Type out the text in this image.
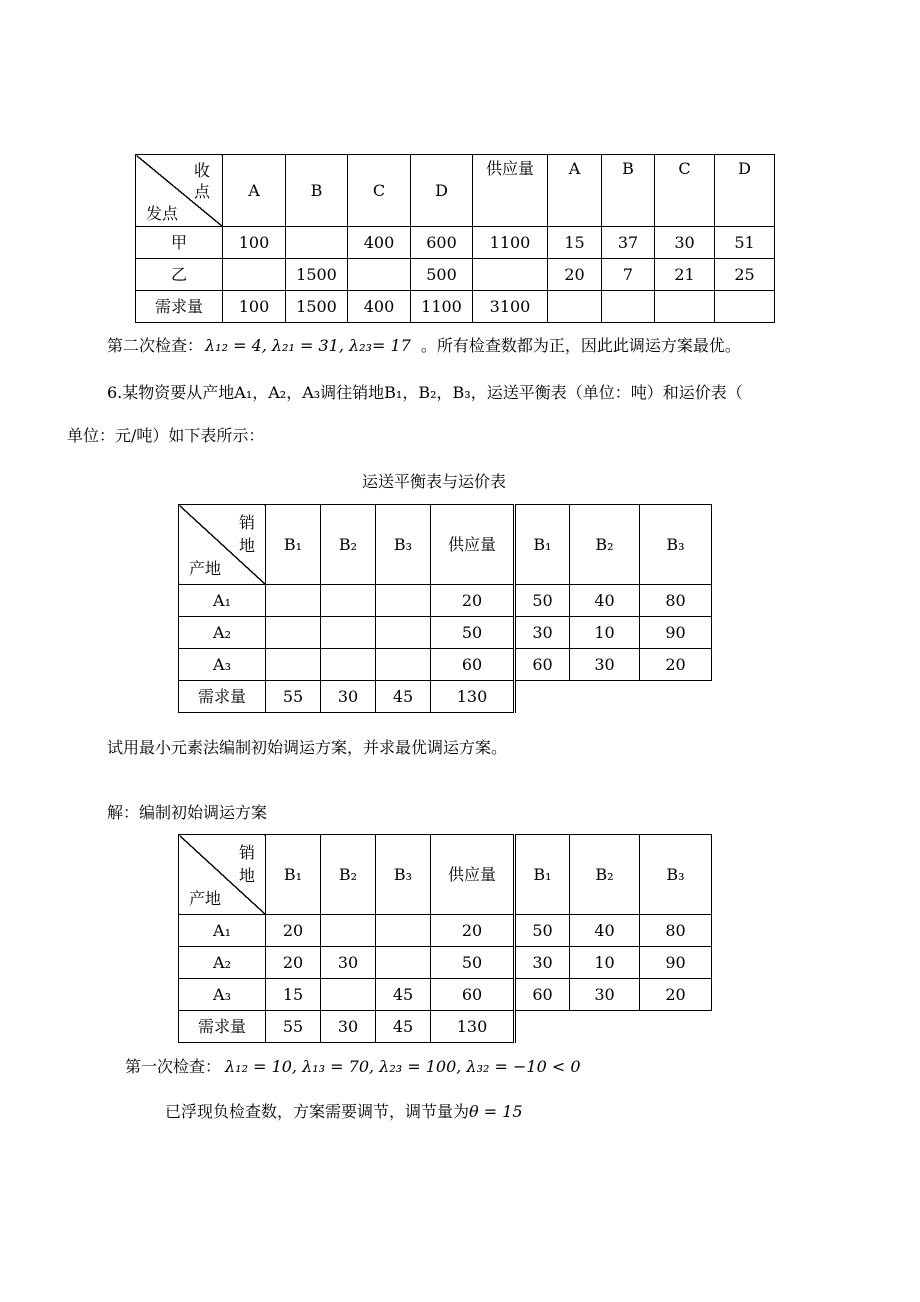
收
点
发点	A	B	C	D	供应量	A	B	C	D
甲	100		400	600	1100	15	37	30	51
乙		1500		500		20	7	21	25
需求量	100	1500	400	1100	3100				
第二次检查： λ₁₂ = 4, λ₂₁ = 31, λ₂₃= 17 。所有检查数都为正，因此此调运方案最优。
6.某物资要从产地A₁，A₂，A₃调往销地B₁，B₂，B₃，运送平衡表（单位：吨）和运价表（
单位：元/吨）如下表所示：
运送平衡表与运价表
销
地
产地	B₁	B₂	B₃	供应量	B₁	B₂	B₃
A₁				20	50	40	80
A₂				50	30	10	90
A₃				60	60	30	20
需求量	55	30	45	130			
试用最小元素法编制初始调运方案，并求最优调运方案。
解：编制初始调运方案
销
地
产地	B₁	B₂	B₃	供应量	B₁	B₂	B₃
A₁	20			20	50	40	80
A₂	20	30		50	30	10	90
A₃	15		45	60	60	30	20
需求量	55	30	45	130			
第一次检查： λ₁₂ = 10, λ₁₃ = 70, λ₂₃ = 100, λ₃₂ = −10 < 0
已浮现负检查数，方案需要调节，调节量为θ = 15
